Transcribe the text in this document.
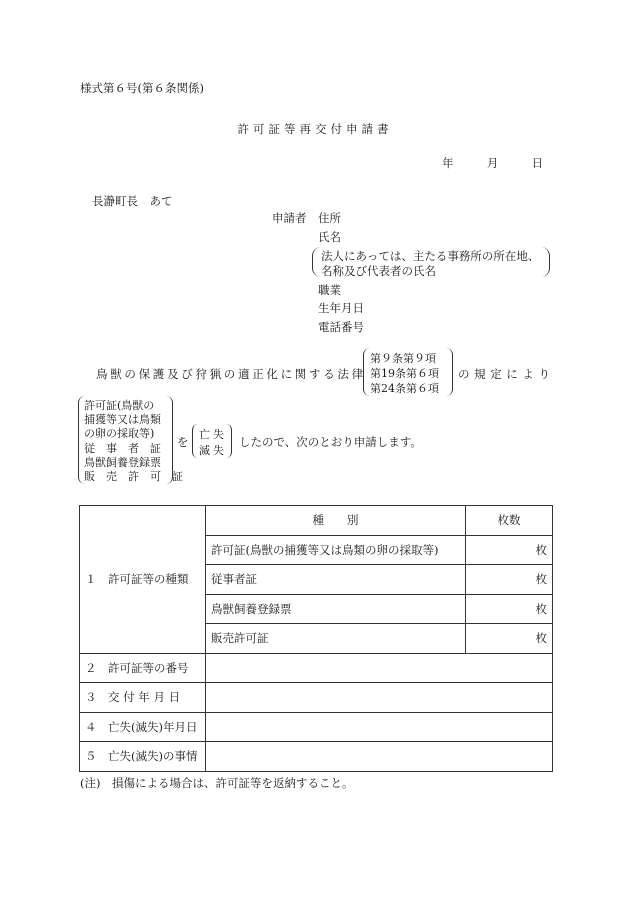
様式第６号(第６条関係)
許可証等再交付申請書
年	月	日
長瀞町長　あて
申請者 住所
氏名
法人にあっては、主たる事務所の所在地、
名称及び代表者の氏名
職業
生年月日
電話番号
鳥獣の保護及び狩猟の適正化に関する法律
第９条第９項
第19条第６項
第24条第６項
の規定により
許可証(鳥獣の
捕獲等又は鳥類
の卵の採取等)
従　事　者　証
鳥獣飼養登録票
販　売　許　可　証
を
亡失
滅失
したので、次のとおり申請します。
１　許可証等の種類	種　　別	枚数
	許可証(鳥獣の捕獲等又は鳥類の卵の採取等)	枚
	従事者証	枚
	鳥獣飼養登録票	枚
	販売許可証	枚
２　許可証等の番号		
３　交 付 年 月 日		
４　亡失(滅失)年月日		
５　亡失(滅失)の事情		
(注)　損傷による場合は、許可証等を返納すること。
